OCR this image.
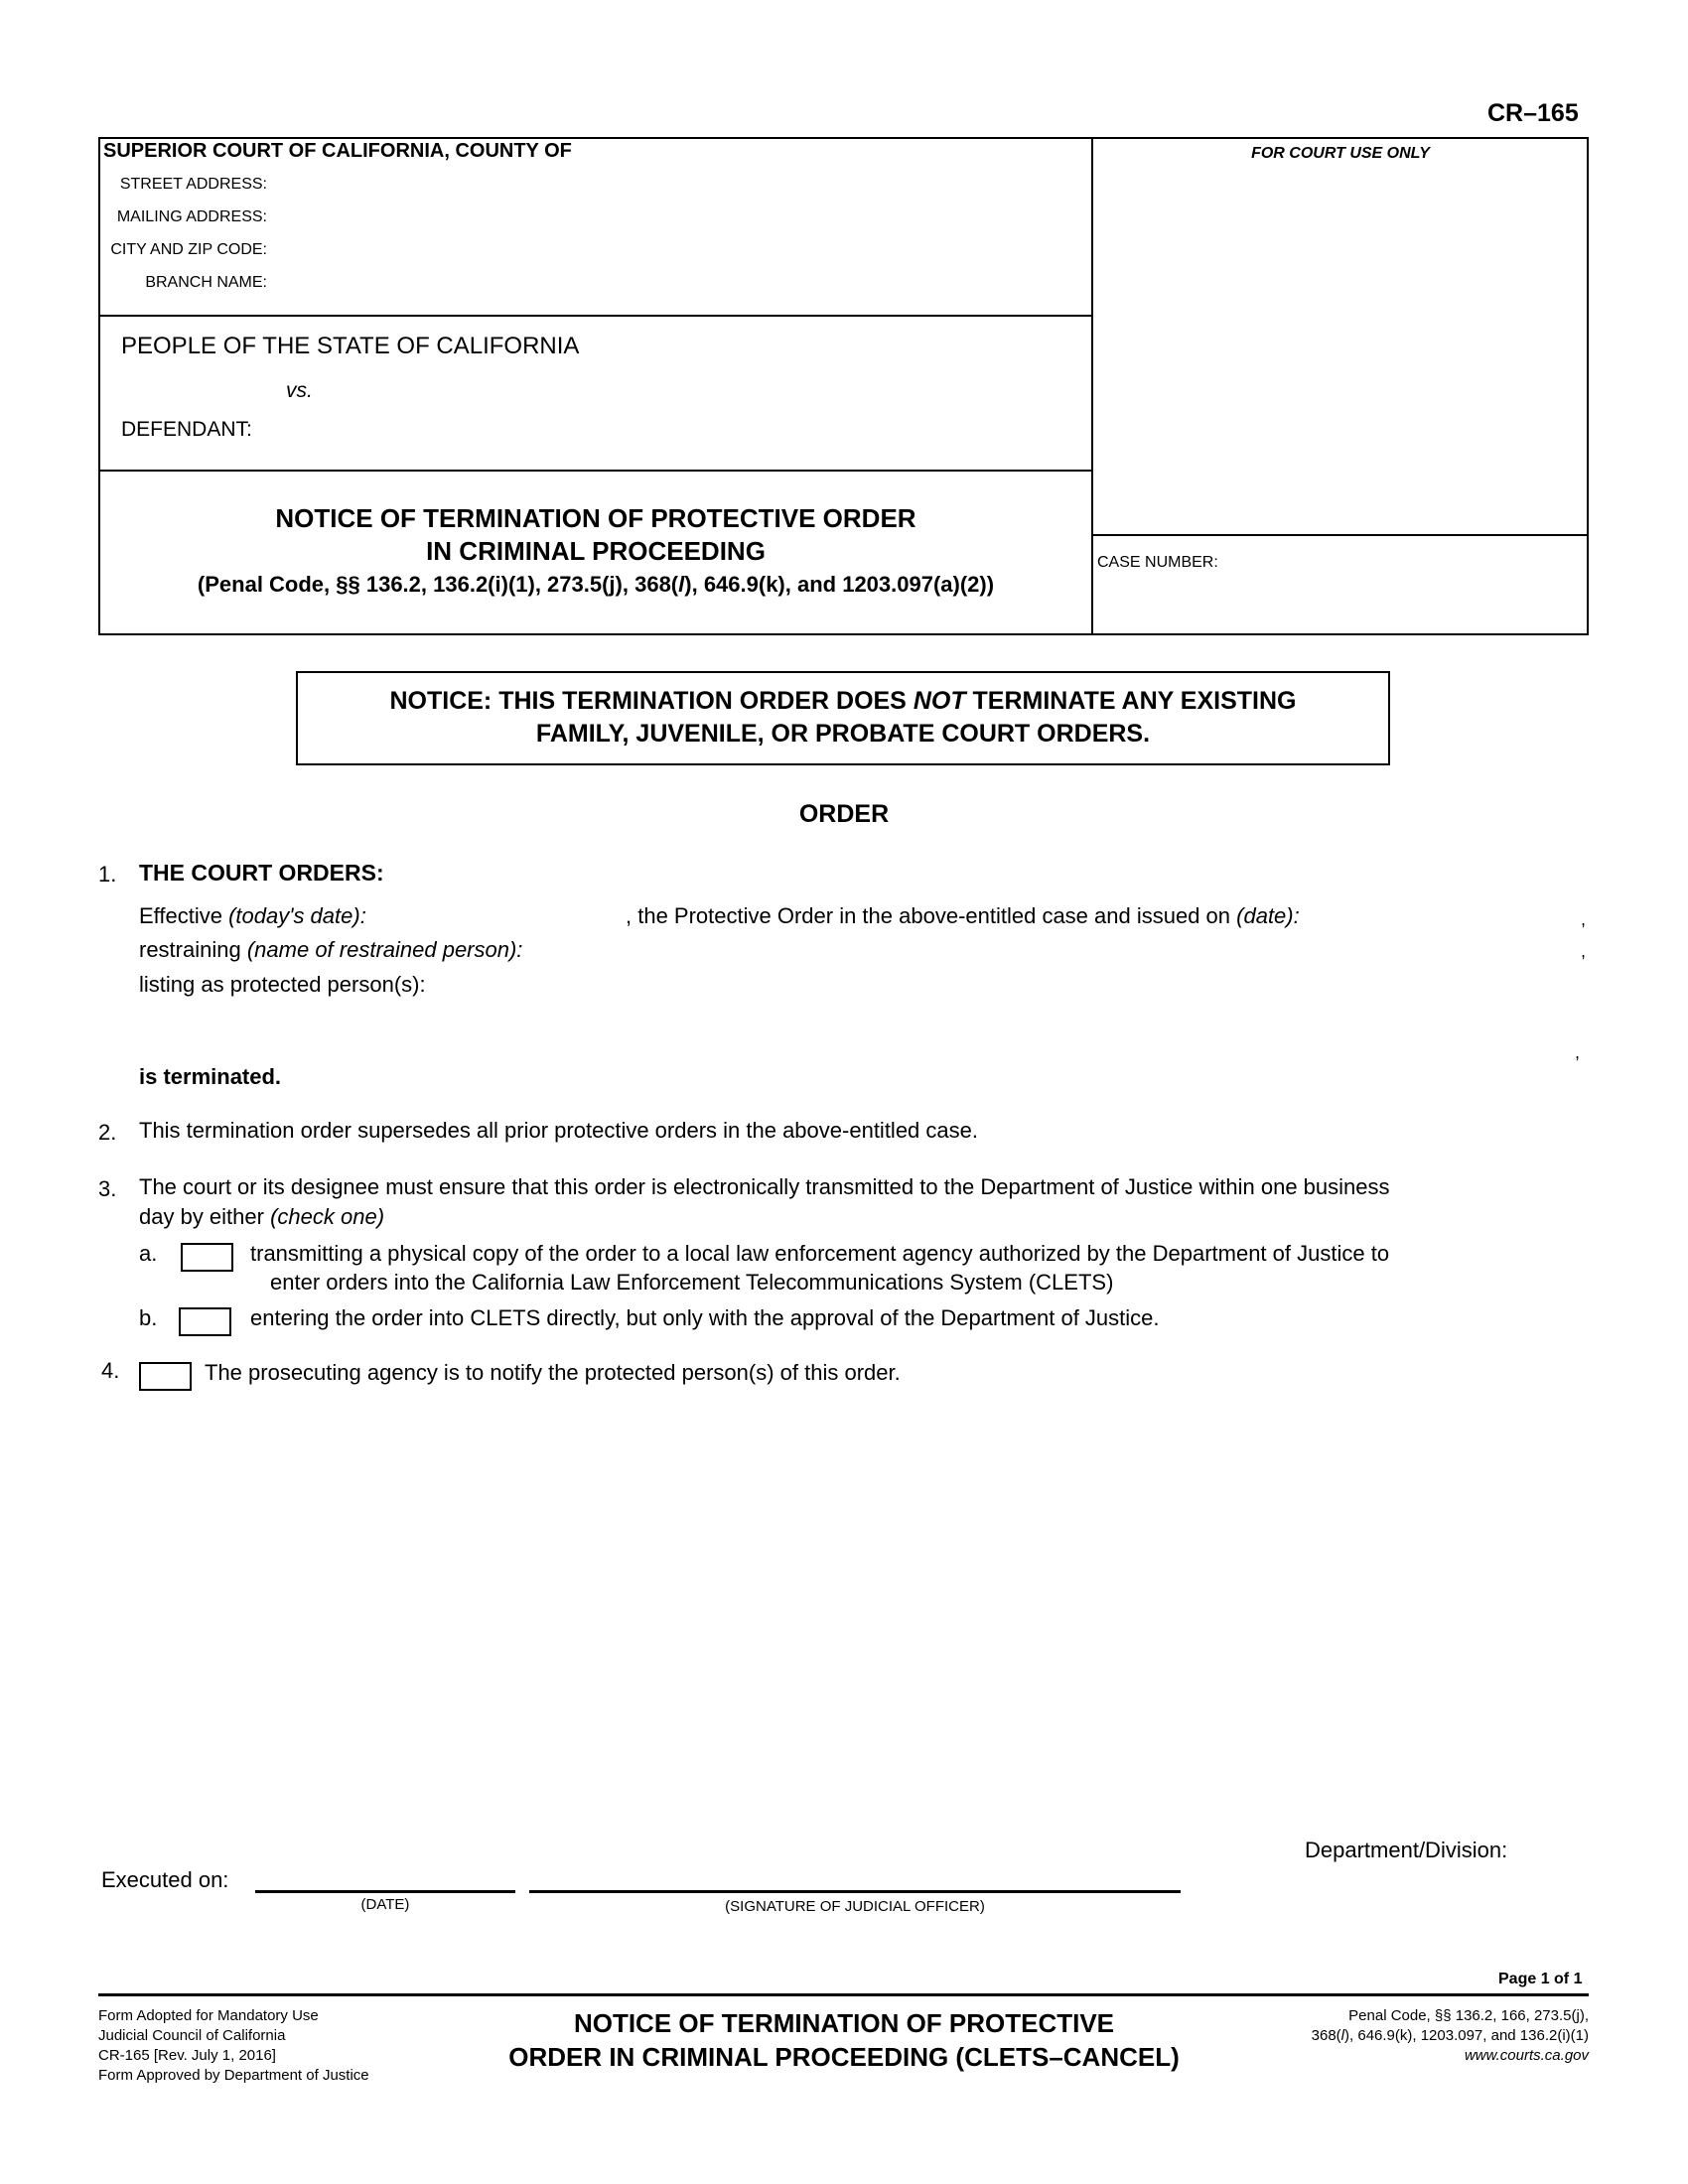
CR–165
SUPERIOR COURT OF CALIFORNIA, COUNTY OF
STREET ADDRESS:
MAILING ADDRESS:
CITY AND ZIP CODE:
BRANCH NAME:
FOR COURT USE ONLY
CASE NUMBER:
PEOPLE OF THE STATE OF CALIFORNIA
vs.
DEFENDANT:
NOTICE OF TERMINATION OF PROTECTIVE ORDER
IN CRIMINAL PROCEEDING
(Penal Code, §§ 136.2, 136.2(i)(1), 273.5(j), 368(l), 646.9(k), and 1203.097(a)(2))
NOTICE: THIS TERMINATION ORDER DOES NOT TERMINATE ANY EXISTING
FAMILY, JUVENILE, OR PROBATE COURT ORDERS.
ORDER
1. THE COURT ORDERS:
Effective (today's date):	, the Protective Order in the above-entitled case and issued on (date):	,
restraining (name of restrained person):	,
listing as protected person(s):
,
is terminated.
2. This termination order supersedes all prior protective orders in the above-entitled case.
3. The court or its designee must ensure that this order is electronically transmitted to the Department of Justice within one business
day by either (check one)
a.	transmitting a physical copy of the order to a local law enforcement agency authorized by the Department of Justice to
enter orders into the California Law Enforcement Telecommunications System (CLETS)
b.	entering the order into CLETS directly, but only with the approval of the Department of Justice.
4.	The prosecuting agency is to notify the protected person(s) of this order.
Department/Division:
Executed on:
(DATE)	(SIGNATURE OF JUDICIAL OFFICER)
Page 1 of 1
Form Adopted for Mandatory Use
Judicial Council of California
CR-165 [Rev. July 1, 2016]
Form Approved by Department of Justice
NOTICE OF TERMINATION OF PROTECTIVE
ORDER IN CRIMINAL PROCEEDING (CLETS–CANCEL)
Penal Code, §§ 136.2, 166, 273.5(j),
368(l), 646.9(k), 1203.097, and 136.2(i)(1)
www.courts.ca.gov
